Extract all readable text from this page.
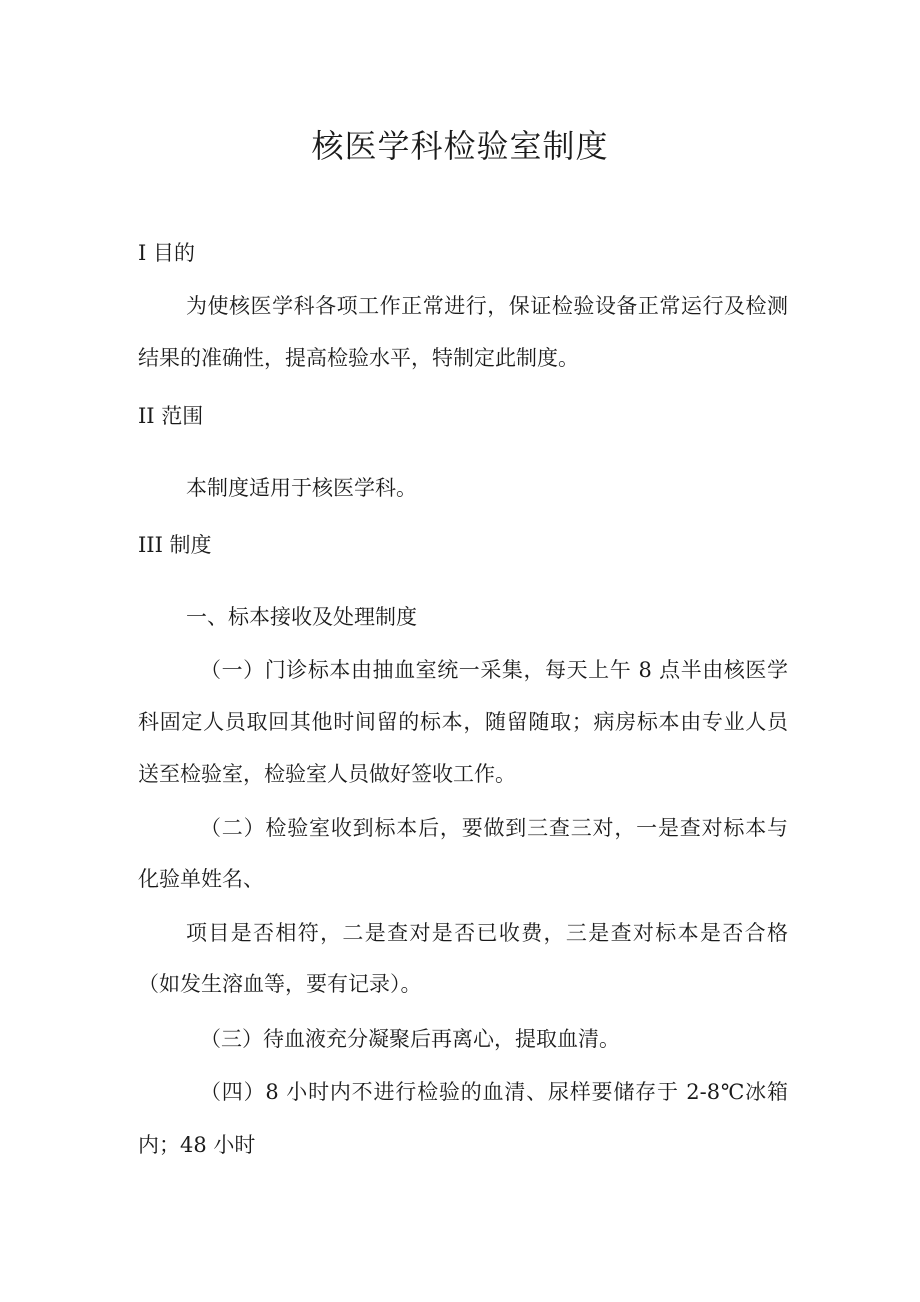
核医学科检验室制度
I 目的
为使核医学科各项工作正常进行，保证检验设备正常运行及检测
结果的准确性，提高检验水平，特制定此制度。
II 范围
本制度适用于核医学科。
III 制度
一、标本接收及处理制度
（一）门诊标本由抽血室统一采集，每天上午 8 点半由核医学
科固定人员取回其他时间留的标本，随留随取；病房标本由专业人员
送至检验室，检验室人员做好签收工作。
（二）检验室收到标本后，要做到三查三对，一是查对标本与
化验单姓名、
项目是否相符，二是查对是否已收费，三是查对标本是否合格
（如发生溶血等，要有记录）。
（三）待血液充分凝聚后再离心，提取血清。
（四）8 小时内不进行检验的血清、尿样要储存于 2-8℃冰箱
内；48 小时
